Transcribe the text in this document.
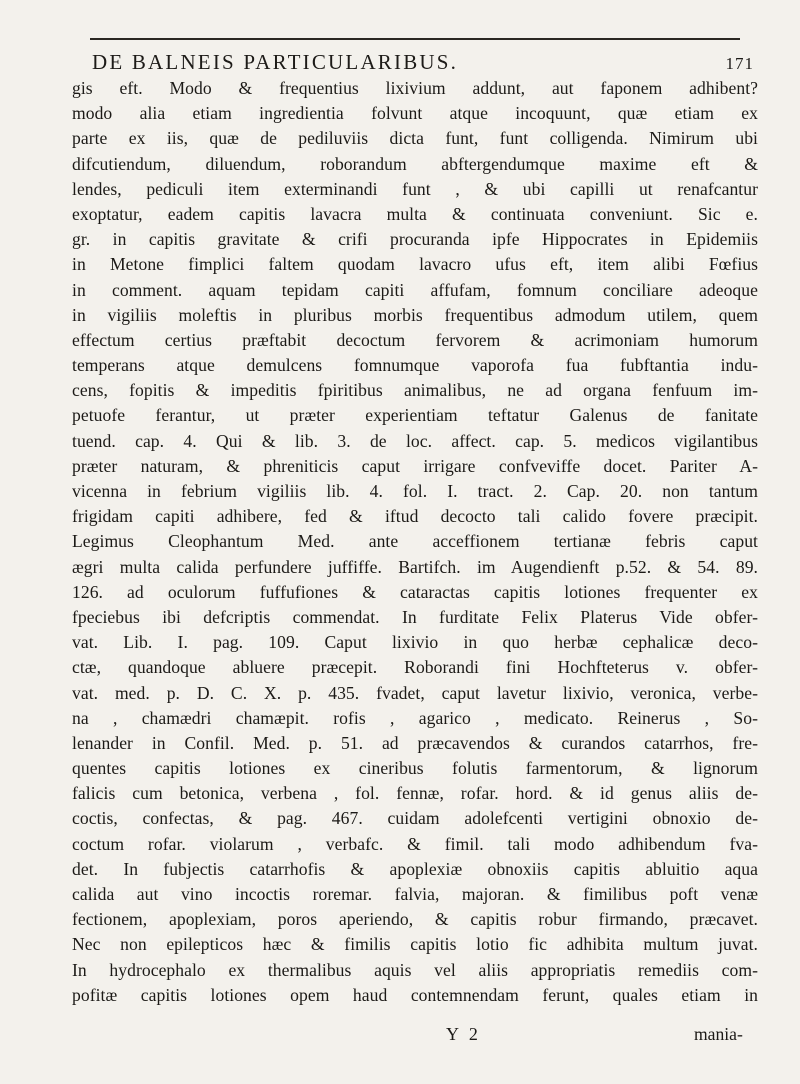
DE BALNEIS PARTICULARIBUS.	171
gis eft. Modo & frequentius lixivium addunt, aut faponem adhibent?
modo alia etiam ingredientia folvunt atque incoquunt, quæ etiam ex
parte ex iis, quæ de pediluviis dicta funt, funt colligenda. Nimirum ubi
difcutiendum, diluendum, roborandum abftergendumque maxime eft &
lendes, pediculi item exterminandi funt , & ubi capilli ut renafcantur
exoptatur, eadem capitis lavacra multa & continuata conveniunt. Sic e.
gr. in capitis gravitate & crifi procuranda ipfe Hippocrates in Epidemiis
in Metone fimplici faltem quodam lavacro ufus eft, item alibi Fœfius
in comment. aquam tepidam capiti affufam, fomnum conciliare adeoque
in vigiliis moleftis in pluribus morbis frequentibus admodum utilem, quem
effectum certius præftabit decoctum fervorem & acrimoniam humorum
temperans atque demulcens fomnumque vaporofa fua fubftantia indu-
cens, fopitis & impeditis fpiritibus animalibus, ne ad organa fenfuum im-
petuofe ferantur, ut præter experientiam teftatur Galenus de fanitate
tuend. cap. 4. Qui & lib. 3. de loc. affect. cap. 5. medicos vigilantibus
præter naturam, & phreniticis caput irrigare confveviffe docet. Pariter A-
vicenna in febrium vigiliis lib. 4. fol. I. tract. 2. Cap. 20. non tantum
frigidam capiti adhibere, fed & iftud decocto tali calido fovere præcipit.
Legimus Cleophantum Med. ante acceffionem tertianæ febris caput
ægri multa calida perfundere juffiffe. Bartifch. im Augendienft p.52. & 54. 89.
126. ad oculorum fuffufiones & cataractas capitis lotiones frequenter ex
fpeciebus ibi defcriptis commendat. In furditate Felix Platerus Vide obfer-
vat. Lib. I. pag. 109. Caput lixivio in quo herbæ cephalicæ deco-
ctæ, quandoque abluere præcepit. Roborandi fini Hochfteterus v. obfer-
vat. med. p. D. C. X. p. 435. fvadet, caput lavetur lixivio, veronica, verbe-
na , chamædri chamæpit. rofis , agarico , medicato. Reinerus , So-
lenander in Confil. Med. p. 51. ad præcavendos & curandos catarrhos, fre-
quentes capitis lotiones ex cineribus folutis farmentorum, & lignorum
falicis cum betonica, verbena , fol. fennæ, rofar. hord. & id genus aliis de-
coctis, confectas, & pag. 467. cuidam adolefcenti vertigini obnoxio de-
coctum rofar. violarum , verbafc. & fimil. tali modo adhibendum fva-
det. In fubjectis catarrhofis & apoplexiæ obnoxiis capitis abluitio aqua
calida aut vino incoctis roremar. falvia, majoran. & fimilibus poft venæ
fectionem, apoplexiam, poros aperiendo, & capitis robur firmando, præcavet.
Nec non epilepticos hæc & fimilis capitis lotio fic adhibita multum juvat.
In hydrocephalo ex thermalibus aquis vel aliis appropriatis remediis com-
pofitæ capitis lotiones opem haud contemnendam ferunt, quales etiam in
Y 2	mania-
